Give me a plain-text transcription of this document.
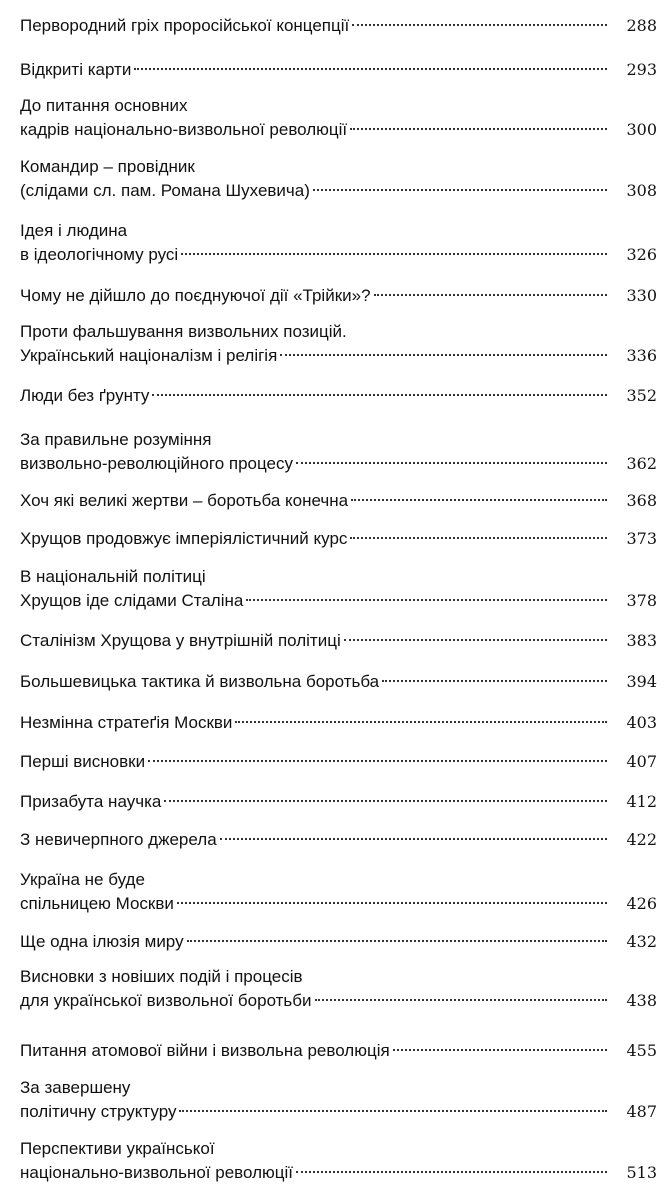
Первородний гріх проросійської концепції	288
Відкриті карти	293
До питання основних
кадрів національно-визвольної революції	300
Командир – провідник
(слідами сл. пам. Романа Шухевича)	308
Ідея і людина
в ідеологічному русі	326
Чому не дійшло до поєднуючої дії «Трійки»?	330
Проти фальшування визвольних позицій.
Український націоналізм і релігія	336
Люди без ґрунту	352
За правильне розуміння
визвольно-революційного процесу	362
Хоч які великі жертви – боротьба конечна	368
Хрущов продовжує імперіялістичний курс	373
В національній політиці
Хрущов іде слідами Сталіна	378
Сталінізм Хрущова у внутрішній політиці	383
Большевицька тактика й визвольна боротьба	394
Незмінна стратеґія Москви	403
Перші висновки	407
Призабута научка	412
З невичерпного джерела	422
Україна не буде
спільницею Москви	426
Ще одна ілюзія миру	432
Висновки з новіших подій і процесів
для української визвольної боротьби	438
Питання атомової війни і визвольна революція	455
За завершену
політичну структуру	487
Перспективи української
національно-визвольної революції	513
